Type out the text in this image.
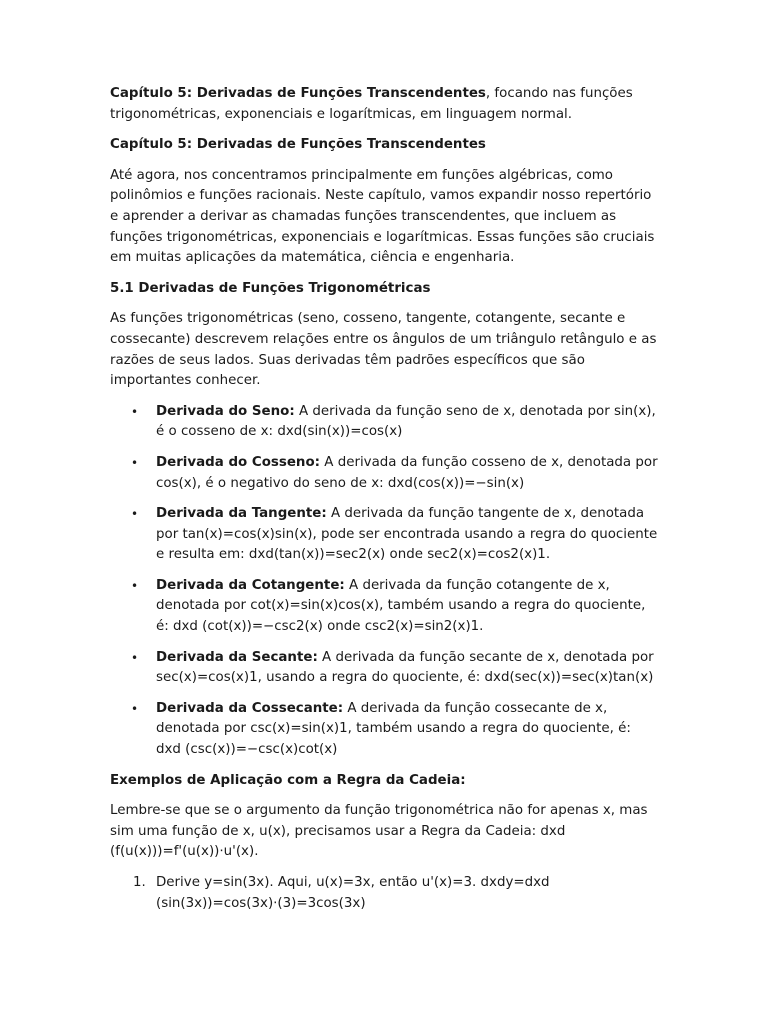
Capítulo 5: Derivadas de Funções Transcendentes, focando nas funções trigonométricas, exponenciais e logarítmicas, em linguagem normal.

Capítulo 5: Derivadas de Funções Transcendentes

Até agora, nos concentramos principalmente em funções algébricas, como polinômios e funções racionais. Neste capítulo, vamos expandir nosso repertório e aprender a derivar as chamadas funções transcendentes, que incluem as funções trigonométricas, exponenciais e logarítmicas. Essas funções são cruciais em muitas aplicações da matemática, ciência e engenharia.

5.1 Derivadas de Funções Trigonométricas

As funções trigonométricas (seno, cosseno, tangente, cotangente, secante e cossecante) descrevem relações entre os ângulos de um triângulo retângulo e as razões de seus lados. Suas derivadas têm padrões específicos que são importantes conhecer.

• Derivada do Seno: A derivada da função seno de x, denotada por sin(x), é o cosseno de x: dxd(sin(x))=cos(x)
• Derivada do Cosseno: A derivada da função cosseno de x, denotada por cos(x), é o negativo do seno de x: dxd(cos(x))=−sin(x)
• Derivada da Tangente: A derivada da função tangente de x, denotada por tan(x)=cos(x)sin(x), pode ser encontrada usando a regra do quociente e resulta em: dxd(tan(x))=sec2(x) onde sec2(x)=cos2(x)1.
• Derivada da Cotangente: A derivada da função cotangente de x, denotada por cot(x)=sin(x)cos(x), também usando a regra do quociente, é: dxd (cot(x))=−csc2(x) onde csc2(x)=sin2(x)1.
• Derivada da Secante: A derivada da função secante de x, denotada por sec(x)=cos(x)1, usando a regra do quociente, é: dxd(sec(x))=sec(x)tan(x)
• Derivada da Cossecante: A derivada da função cossecante de x, denotada por csc(x)=sin(x)1, também usando a regra do quociente, é: dxd (csc(x))=−csc(x)cot(x)
Exemplos de Aplicação com a Regra da Cadeia:

Lembre-se que se o argumento da função trigonométrica não for apenas x, mas sim uma função de x, u(x), precisamos usar a Regra da Cadeia: dxd (f(u(x)))=f'(u(x))⋅u'(x).

1. Derive y=sin(3x). Aqui, u(x)=3x, então u'(x)=3. dxdy=dxd (sin(3x))=cos(3x)⋅(3)=3cos(3x)
